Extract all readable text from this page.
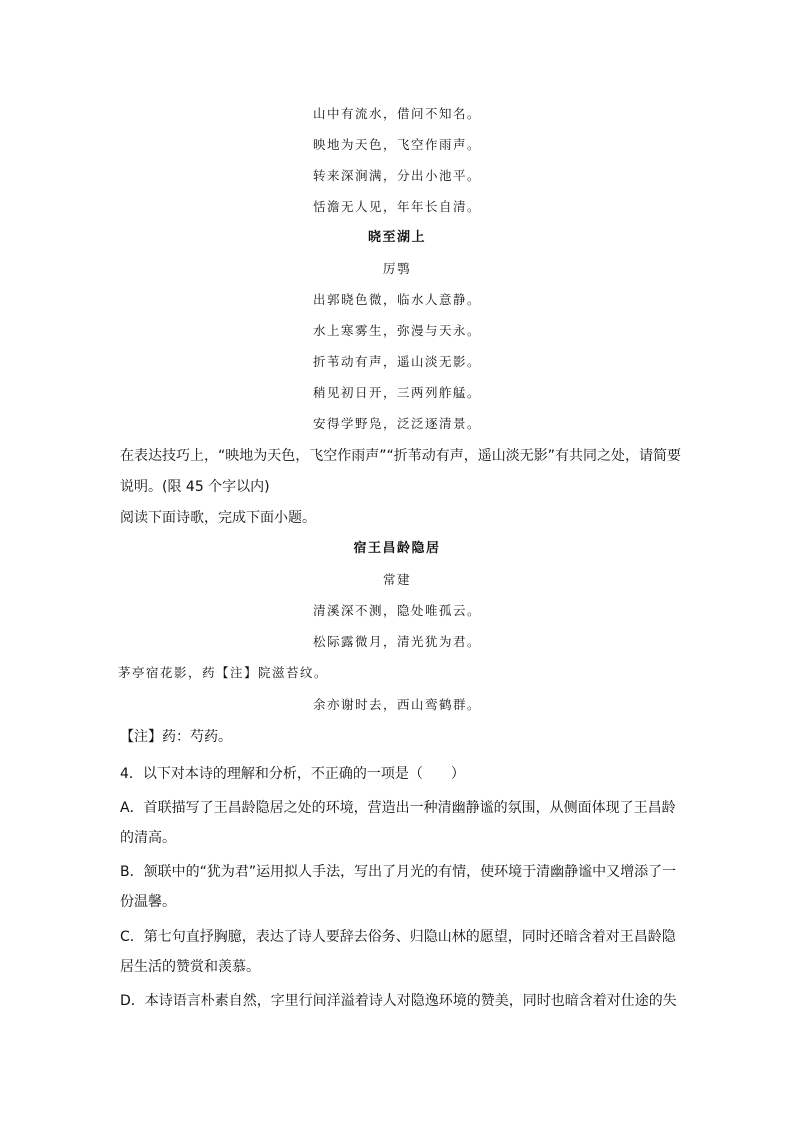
山中有流水，借问不知名。
映地为天色，飞空作雨声。
转来深涧满，分出小池平。
恬澹无人见，年年长自清。
晓至湖上
厉鹗
出郭晓色微，临水人意静。
水上寒雾生，弥漫与天永。
折苇动有声，遥山淡无影。
稍见初日开，三两列舴艋。
安得学野凫，泛泛逐清景。
在表达技巧上，“映地为天色，飞空作雨声”“折苇动有声，遥山淡无影”有共同之处，请简要
说明。(限 45 个字以内)
阅读下面诗歌，完成下面小题。
宿王昌龄隐居
常建
清溪深不测，隐处唯孤云。
松际露微月，清光犹为君。
茅亭宿花影，药【注】院滋苔纹。
余亦谢时去，西山鸾鹤群。
【注】药：芍药。
4．以下对本诗的理解和分析，不正确的一项是（　　）
A．首联描写了王昌龄隐居之处的环境，营造出一种清幽静谧的氛围，从侧面体现了王昌龄
的清高。
B．颔联中的“犹为君”运用拟人手法，写出了月光的有情，使环境于清幽静谧中又增添了一
份温馨。
C．第七句直抒胸臆，表达了诗人要辞去俗务、归隐山林的愿望，同时还暗含着对王昌龄隐
居生活的赞赏和羡慕。
D．本诗语言朴素自然，字里行间洋溢着诗人对隐逸环境的赞美，同时也暗含着对仕途的失
